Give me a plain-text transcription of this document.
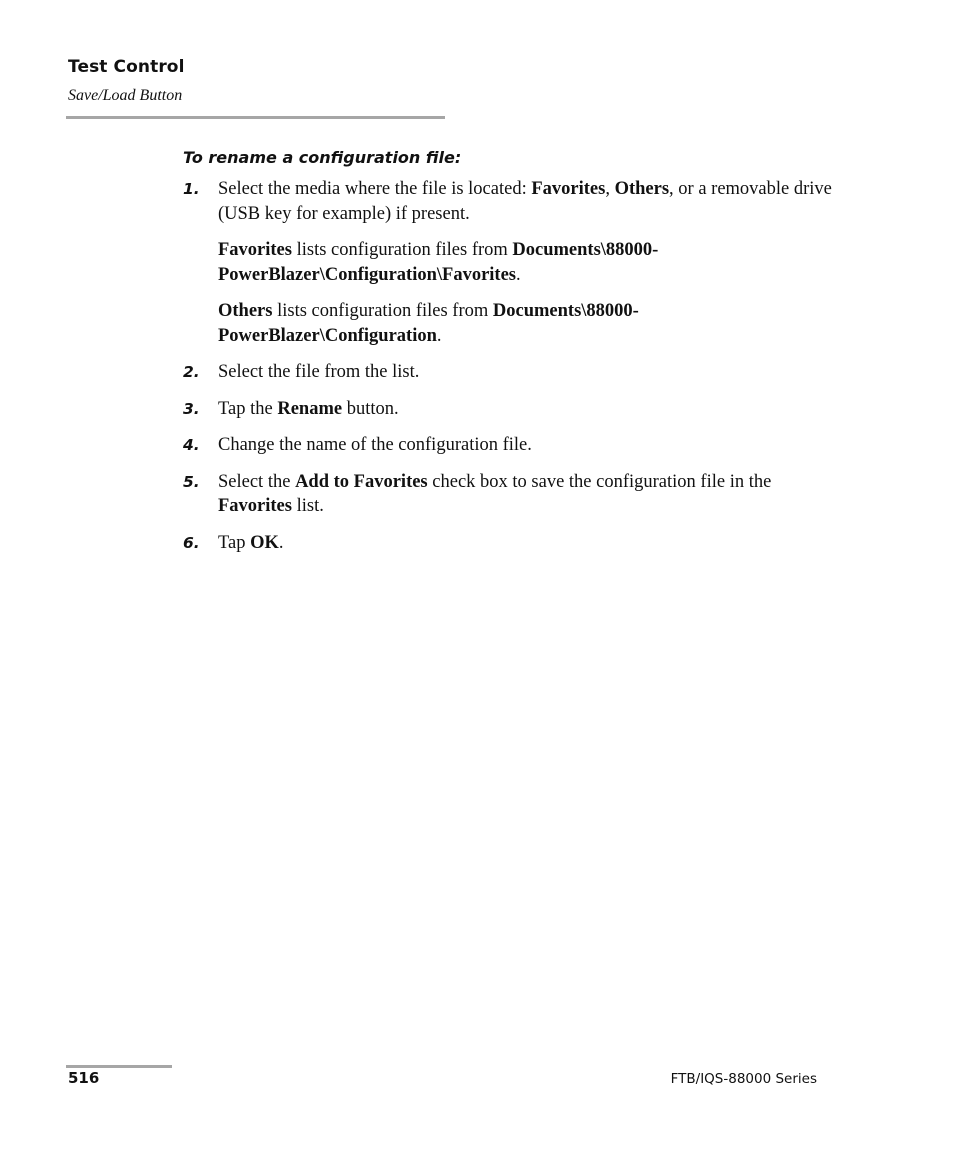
Test Control

Save/Load Button

To rename a configuration file:
1. Select the media where the file is located: Favorites, Others, or a removable drive (USB key for example) if present.

Favorites lists configuration files from Documents\88000-PowerBlazer\Configuration\Favorites.

Others lists configuration files from Documents\88000-PowerBlazer\Configuration.

2. Select the file from the list.
3. Tap the Rename button.
4. Change the name of the configuration file.
5. Select the Add to Favorites check box to save the configuration file in the Favorites list.
6. Tap OK.

516	FTB/IQS-88000 Series
